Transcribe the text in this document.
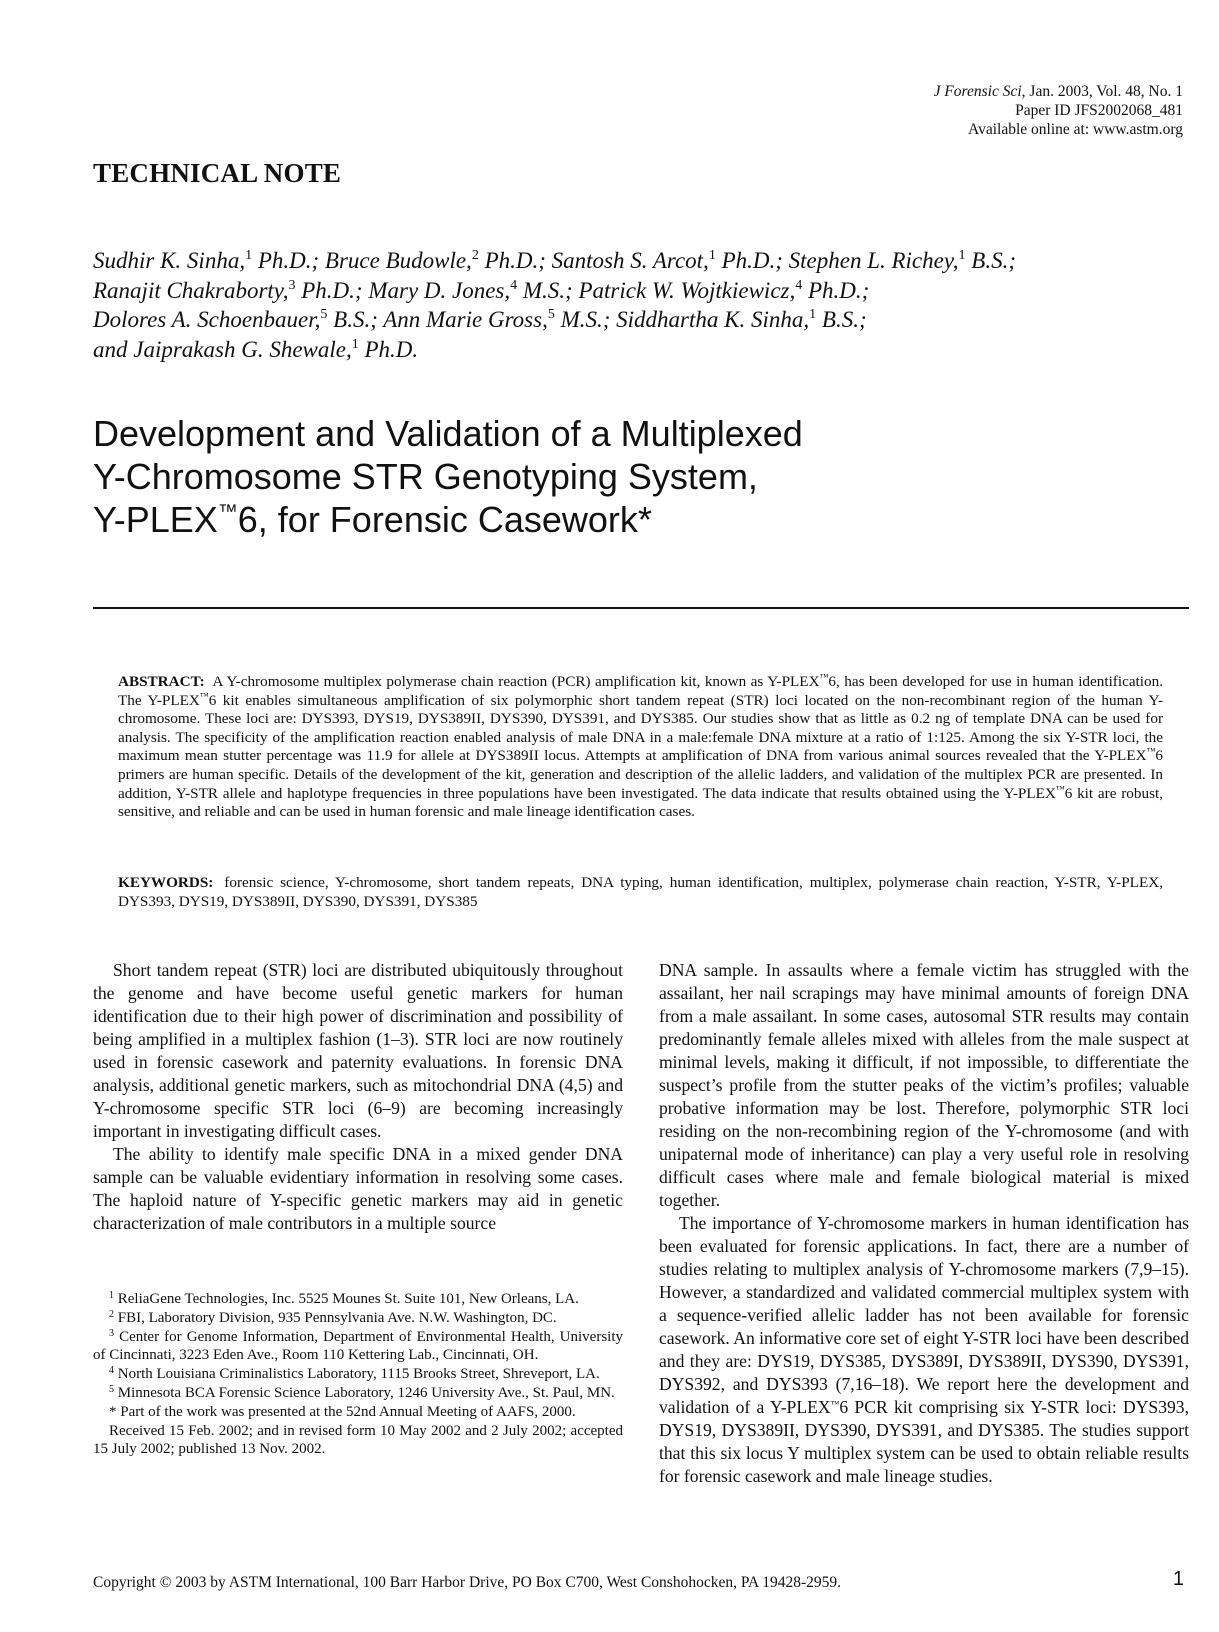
J Forensic Sci, Jan. 2003, Vol. 48, No. 1
Paper ID JFS2002068_481
Available online at: www.astm.org
TECHNICAL NOTE
Sudhir K. Sinha,$^1$ Ph.D.; Bruce Budowle,$^2$ Ph.D.; Santosh S. Arcot,$^1$ Ph.D.; Stephen L. Richey,$^1$ B.S.;
Ranajit Chakraborty,$^3$ Ph.D.; Mary D. Jones,$^4$ M.S.; Patrick W. Wojtkiewicz,$^4$ Ph.D.;
Dolores A. Schoenbauer,$^5$ B.S.; Ann Marie Gross,$^5$ M.S.; Siddhartha K. Sinha,$^1$ B.S.;
and Jaiprakash G. Shewale,$^1$ Ph.D.
Development and Validation of a Multiplexed
Y-Chromosome STR Genotyping System,
Y-PLEX™6, for Forensic Casework*
ABSTRACT: A Y-chromosome multiplex polymerase chain reaction (PCR) amplification kit, known as Y-PLEX™6, has been developed for use in human identification. The Y-PLEX™6 kit enables simultaneous amplification of six polymorphic short tandem repeat (STR) loci located on the non-recombinant region of the human Y-chromosome. These loci are: DYS393, DYS19, DYS389II, DYS390, DYS391, and DYS385. Our studies show that as little as 0.2 ng of template DNA can be used for analysis. The specificity of the amplification reaction enabled analysis of male DNA in a male:female DNA mixture at a ratio of 1:125. Among the six Y-STR loci, the maximum mean stutter percentage was 11.9 for allele at DYS389II locus. Attempts at amplification of DNA from various animal sources revealed that the Y-PLEX™6 primers are human specific. Details of the development of the kit, generation and description of the allelic ladders, and validation of the multiplex PCR are presented. In addition, Y-STR allele and haplotype frequencies in three populations have been investigated. The data indicate that results obtained using the Y-PLEX™6 kit are robust, sensitive, and reliable and can be used in human forensic and male lineage identification cases.
KEYWORDS: forensic science, Y-chromosome, short tandem repeats, DNA typing, human identification, multiplex, polymerase chain reaction, Y-STR, Y-PLEX, DYS393, DYS19, DYS389II, DYS390, DYS391, DYS385

Short tandem repeat (STR) loci are distributed ubiquitously throughout the genome and have become useful genetic markers for human identification due to their high power of discrimination and possibility of being amplified in a multiplex fashion (1–3). STR loci are now routinely used in forensic casework and paternity evaluations. In forensic DNA analysis, additional genetic markers, such as mitochondrial DNA (4,5) and Y-chromosome specific STR loci (6–9) are becoming increasingly important in investigating difficult cases.

The ability to identify male specific DNA in a mixed gender DNA sample can be valuable evidentiary information in resolving some cases. The haploid nature of Y-specific genetic markers may aid in genetic characterization of male contributors in a multiple source

DNA sample. In assaults where a female victim has struggled with the assailant, her nail scrapings may have minimal amounts of foreign DNA from a male assailant. In some cases, autosomal STR results may contain predominantly female alleles mixed with alleles from the male suspect at minimal levels, making it difficult, if not impossible, to differentiate the suspect’s profile from the stutter peaks of the victim’s profiles; valuable probative information may be lost. Therefore, polymorphic STR loci residing on the non-recombining region of the Y-chromosome (and with unipaternal mode of inheritance) can play a very useful role in resolving difficult cases where male and female biological material is mixed together.

The importance of Y-chromosome markers in human identification has been evaluated for forensic applications. In fact, there are a number of studies relating to multiplex analysis of Y-chromosome markers (7,9–15). However, a standardized and validated commercial multiplex system with a sequence-verified allelic ladder has not been available for forensic casework. An informative core set of eight Y-STR loci have been described and they are: DYS19, DYS385, DYS389I, DYS389II, DYS390, DYS391, DYS392, and DYS393 (7,16–18). We report here the development and validation of a Y-PLEX™6 PCR kit comprising six Y-STR loci: DYS393, DYS19, DYS389II, DYS390, DYS391, and DYS385. The studies support that this six locus Y multiplex system can be used to obtain reliable results for forensic casework and male lineage studies.

$^1$ ReliaGene Technologies, Inc. 5525 Mounes St. Suite 101, New Orleans, LA.

$^2$ FBI, Laboratory Division, 935 Pennsylvania Ave. N.W. Washington, DC.

$^3$ Center for Genome Information, Department of Environmental Health, University of Cincinnati, 3223 Eden Ave., Room 110 Kettering Lab., Cincinnati, OH.

$^4$ North Louisiana Criminalistics Laboratory, 1115 Brooks Street, Shreveport, LA.

$^5$ Minnesota BCA Forensic Science Laboratory, 1246 University Ave., St. Paul, MN.

* Part of the work was presented at the 52nd Annual Meeting of AAFS, 2000.

Received 15 Feb. 2002; and in revised form 10 May 2002 and 2 July 2002; accepted 15 July 2002; published 13 Nov. 2002.

Copyright © 2003 by ASTM International, 100 Barr Harbor Drive, PO Box C700, West Conshohocken, PA 19428-2959.	1
